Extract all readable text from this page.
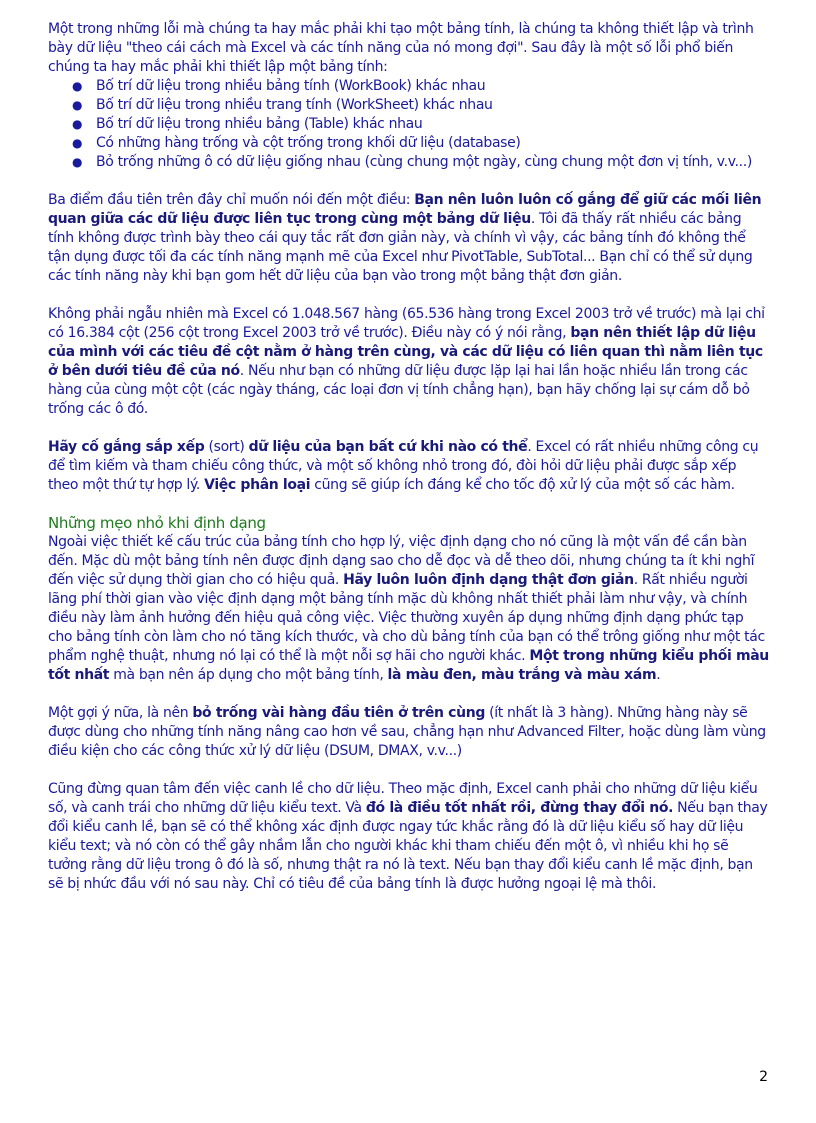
Một trong những lỗi mà chúng ta hay mắc phải khi tạo một bảng tính, là chúng ta không thiết lập và trình bày dữ liệu "theo cái cách mà Excel và các tính năng của nó mong đợi". Sau đây là một số lỗi phổ biến chúng ta hay mắc phải khi thiết lập một bảng tính:

● Bố trí dữ liệu trong nhiều bảng tính (WorkBook) khác nhau
● Bố trí dữ liệu trong nhiều trang tính (WorkSheet) khác nhau
● Bố trí dữ liệu trong nhiều bảng (Table) khác nhau
● Có những hàng trống và cột trống trong khối dữ liệu (database)
● Bỏ trống những ô có dữ liệu giống nhau (cùng chung một ngày, cùng chung một đơn vị tính, v.v...)

Ba điểm đầu tiên trên đây chỉ muốn nói đến một điều: Bạn nên luôn luôn cố gắng để giữ các mối liên quan giữa các dữ liệu được liên tục trong cùng một bảng dữ liệu. Tôi đã thấy rất nhiều các bảng tính không được trình bày theo cái quy tắc rất đơn giản này, và chính vì vậy, các bảng tính đó không thể tận dụng được tối đa các tính năng mạnh mẽ của Excel như PivotTable, SubTotal... Bạn chỉ có thể sử dụng các tính năng này khi bạn gom hết dữ liệu của bạn vào trong một bảng thật đơn giản.

Không phải ngẫu nhiên mà Excel có 1.048.567 hàng (65.536 hàng trong Excel 2003 trở về trước) mà lại chỉ có 16.384 cột (256 cột trong Excel 2003 trở về trước). Điều này có ý nói rằng, bạn nên thiết lập dữ liệu của mình với các tiêu đề cột nằm ở hàng trên cùng, và các dữ liệu có liên quan thì nằm liên tục ở bên dưới tiêu đề của nó. Nếu như bạn có những dữ liệu được lặp lại hai lần hoặc nhiều lần trong các hàng của cùng một cột (các ngày tháng, các loại đơn vị tính chẳng hạn), bạn hãy chống lại sự cám dỗ bỏ trống các ô đó.

Hãy cố gắng sắp xếp (sort) dữ liệu của bạn bất cứ khi nào có thể. Excel có rất nhiều những công cụ để tìm kiếm và tham chiếu công thức, và một số không nhỏ trong đó, đòi hỏi dữ liệu phải được sắp xếp theo một thứ tự hợp lý. Việc phân loại cũng sẽ giúp ích đáng kể cho tốc độ xử lý của một số các hàm.

Những mẹo nhỏ khi định dạng

Ngoài việc thiết kế cấu trúc của bảng tính cho hợp lý, việc định dạng cho nó cũng là một vấn đề cần bàn đến. Mặc dù một bảng tính nên được định dạng sao cho dễ đọc và dễ theo dõi, nhưng chúng ta ít khi nghĩ đến việc sử dụng thời gian cho có hiệu quả. Hãy luôn luôn định dạng thật đơn giản. Rất nhiều người lãng phí thời gian vào việc định dạng một bảng tính mặc dù không nhất thiết phải làm như vậy, và chính điều này làm ảnh hưởng đến hiệu quả công việc. Việc thường xuyên áp dụng những định dạng phức tạp cho bảng tính còn làm cho nó tăng kích thước, và cho dù bảng tính của bạn có thể trông giống như một tác phẩm nghệ thuật, nhưng nó lại có thể là một nỗi sợ hãi cho người khác. Một trong những kiểu phối màu tốt nhất mà bạn nên áp dụng cho một bảng tính, là màu đen, màu trắng và màu xám.

Một gợi ý nữa, là nên bỏ trống vài hàng đầu tiên ở trên cùng (ít nhất là 3 hàng). Những hàng này sẽ được dùng cho những tính năng nâng cao hơn về sau, chẳng hạn như Advanced Filter, hoặc dùng làm vùng điều kiện cho các công thức xử lý dữ liệu (DSUM, DMAX, v.v...)

Cũng đừng quan tâm đến việc canh lề cho dữ liệu. Theo mặc định, Excel canh phải cho những dữ liệu kiểu số, và canh trái cho những dữ liệu kiểu text. Và đó là điều tốt nhất rồi, đừng thay đổi nó. Nếu bạn thay đổi kiểu canh lề, bạn sẽ có thể không xác định được ngay tức khắc rằng đó là dữ liệu kiểu số hay dữ liệu kiểu text; và nó còn có thể gây nhầm lẫn cho người khác khi tham chiếu đến một ô, vì nhiều khi họ sẽ tưởng rằng dữ liệu trong ô đó là số, nhưng thật ra nó là text. Nếu bạn thay đổi kiểu canh lề mặc định, bạn sẽ bị nhức đầu với nó sau này. Chỉ có tiêu đề của bảng tính là được hưởng ngoại lệ mà thôi.

2
